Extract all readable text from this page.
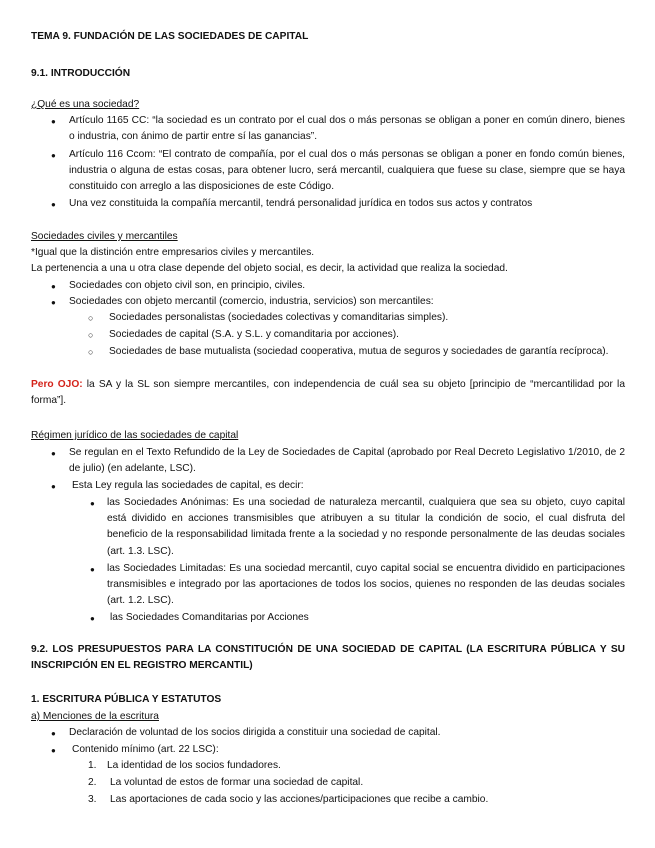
TEMA 9. FUNDACIÓN DE LAS SOCIEDADES DE CAPITAL
9.1. INTRODUCCIÓN
¿Qué es una sociedad?
● Artículo 1165 CC: “la sociedad es un contrato por el cual dos o más personas se obligan a poner en común dinero, bienes o industria, con ánimo de partir entre sí las ganancias”.
● Artículo 116 Ccom: “El contrato de compañía, por el cual dos o más personas se obligan a poner en fondo común bienes, industria o alguna de estas cosas, para obtener lucro, será mercantil, cualquiera que fuese su clase, siempre que se haya constituido con arreglo a las disposiciones de este Código.
● Una vez constituida la compañía mercantil, tendrá personalidad jurídica en todos sus actos y contratos
Sociedades civiles y mercantiles
*Igual que la distinción entre empresarios civiles y mercantiles.
La pertenencia a una u otra clase depende del objeto social, es decir, la actividad que realiza la sociedad.
● Sociedades con objeto civil son, en principio, civiles.
● Sociedades con objeto mercantil (comercio, industria, servicios) son mercantiles:
○ Sociedades personalistas (sociedades colectivas y comanditarias simples).
○ Sociedades de capital (S.A. y S.L. y comanditaria por acciones).
○ Sociedades de base mutualista (sociedad cooperativa, mutua de seguros y sociedades de garantía recíproca).
Pero OJO: la SA y la SL son siempre mercantiles, con independencia de cuál sea su objeto [principio de “mercantilidad por la forma”].
Régimen jurídico de las sociedades de capital
● Se regulan en el Texto Refundido de la Ley de Sociedades de Capital (aprobado por Real Decreto Legislativo 1/2010, de 2 de julio) (en adelante, LSC).
● Esta Ley regula las sociedades de capital, es decir:
● las Sociedades Anónimas: Es una sociedad de naturaleza mercantil, cualquiera que sea su objeto, cuyo capital está dividido en acciones transmisibles que atribuyen a su titular la condición de socio, el cual disfruta del beneficio de la responsabilidad limitada frente a la sociedad y no responde personalmente de las deudas sociales (art. 1.3. LSC).
● las Sociedades Limitadas: Es una sociedad mercantil, cuyo capital social se encuentra dividido en participaciones transmisibles e integrado por las aportaciones de todos los socios, quienes no responden de las deudas sociales (art. 1.2. LSC).
● las Sociedades Comanditarias por Acciones
9.2. LOS PRESUPUESTOS PARA LA CONSTITUCIÓN DE UNA SOCIEDAD DE CAPITAL (LA ESCRITURA PÚBLICA Y SU INSCRIPCIÓN EN EL REGISTRO MERCANTIL)
1. ESCRITURA PÚBLICA Y ESTATUTOS
a) Menciones de la escritura
● Declaración de voluntad de los socios dirigida a constituir una sociedad de capital.
● Contenido mínimo (art. 22 LSC):
1. La identidad de los socios fundadores.
2. La voluntad de estos de formar una sociedad de capital.
3. Las aportaciones de cada socio y las acciones/participaciones que recibe a cambio.
